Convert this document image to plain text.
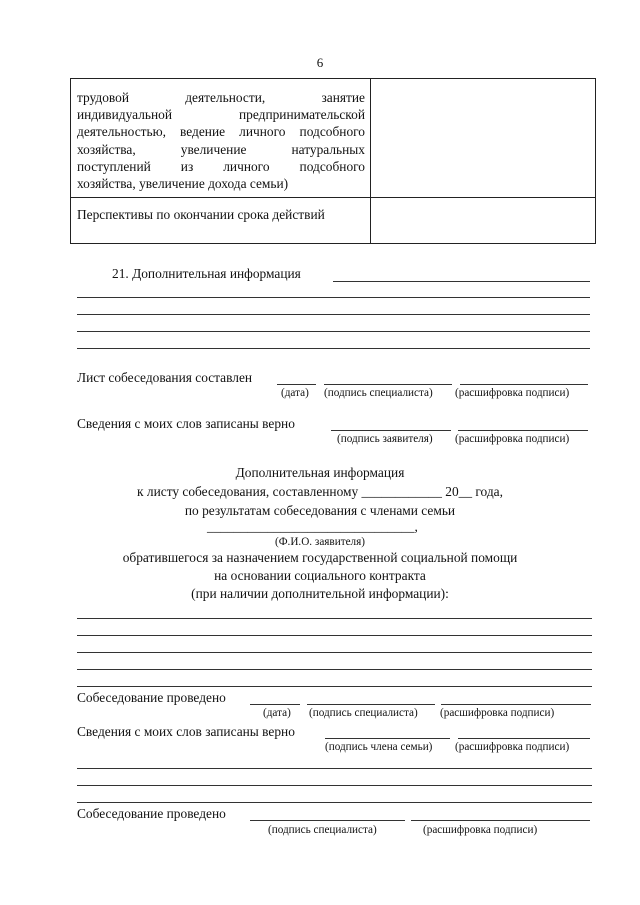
6
трудовой деятельности, занятие
индивидуальной предпринимательской
деятельностью, ведение личного подсобного
хозяйства, увеличение натуральных
поступлений из личного подсобного
хозяйства, увеличение дохода семьи)
Перспективы по окончании срока действий
21. Дополнительная информация
Лист собеседования составлен
(дата) (подпись специалиста) (расшифровка подписи)
Сведения с моих слов записаны верно
(подпись заявителя) (расшифровка подписи)
Дополнительная информация
к листу собеседования, составленному ____________ 20__ года,
по результатам собеседования с членами семьи
_______________________________,
(Ф.И.О. заявителя)
обратившегося за назначением государственной социальной помощи
на основании социального контракта
(при наличии дополнительной информации):
Собеседование проведено
(дата) (подпись специалиста) (расшифровка подписи)
Сведения с моих слов записаны верно
(подпись члена семьи) (расшифровка подписи)
Собеседование проведено
(подпись специалиста)	(расшифровка подписи)
